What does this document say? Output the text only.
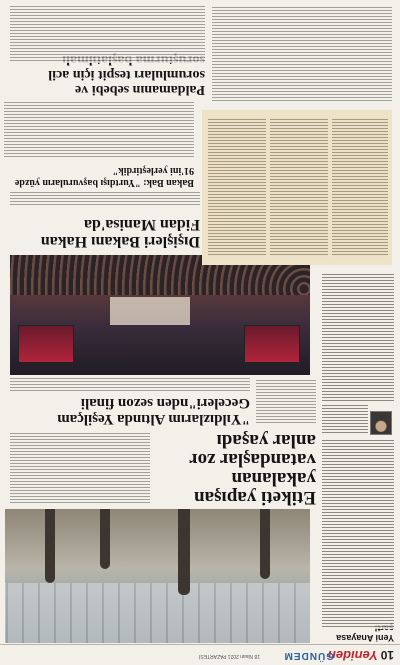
10
Yeniden
GÜNDEM
18 Nisan 2021 PAZARTESİ
Yeni Anayasa
Etiketi yapışan yakalanan vatandaşlar zor anlar yaşadı
"Yıldızlarım Altında Yeşilçam Geceleri"nden sezon finali
Dışişleri Bakanı Hakan Fidan Manisa'da
Bakan Bak: "Yurtdışı başvuruların yüzde 91'ini yerleştirdik"
Paldamanın sebebi ve sorumluları tespit için acil
